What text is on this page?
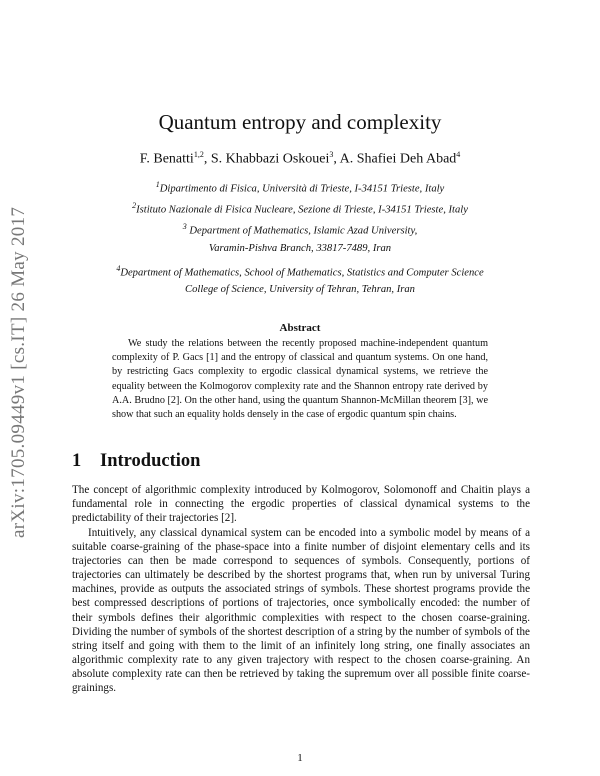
arXiv:1705.09449v1 [cs.IT] 26 May 2017
Quantum entropy and complexity
F. Benatti$^{1,2}$, S. Khabbazi Oskouei$^3$, A. Shafiei Deh Abad$^4$
$^1$Dipartimento di Fisica, Università di Trieste, I-34151 Trieste, Italy
$^2$Istituto Nazionale di Fisica Nucleare, Sezione di Trieste, I-34151 Trieste, Italy
$^3$ Department of Mathematics, Islamic Azad University,
Varamin-Pishva Branch, 33817-7489, Iran
$^4$Department of Mathematics, School of Mathematics, Statistics and Computer Science
College of Science, University of Tehran, Tehran, Iran
Abstract
We study the relations between the recently proposed machine-independent quantum complexity of P. Gacs [1] and the entropy of classical and quantum systems. On one hand, by restricting Gacs complexity to ergodic classical dynamical systems, we retrieve the equality between the Kolmogorov complexity rate and the Shannon entropy rate derived by A.A. Brudno [2]. On the other hand, using the quantum Shannon-McMillan theorem [3], we show that such an equality holds densely in the case of ergodic quantum spin chains.
1 Introduction
The concept of algorithmic complexity introduced by Kolmogorov, Solomonoff and Chaitin plays a fundamental role in connecting the ergodic properties of classical dynamical systems to the predictability of their trajectories [2].
Intuitively, any classical dynamical system can be encoded into a symbolic model by means of a suitable coarse-graining of the phase-space into a finite number of disjoint elementary cells and its trajectories can then be made correspond to sequences of symbols. Consequently, portions of trajectories can ultimately be described by the shortest programs that, when run by universal Turing machines, provide as outputs the associated strings of symbols. These shortest programs provide the best compressed descriptions of portions of trajectories, once symbolically encoded: the number of their symbols defines their algorithmic complexities with respect to the chosen coarse-graining. Dividing the number of symbols of the shortest description of a string by the number of symbols of the string itself and going with them to the limit of an infinitely long string, one finally associates an algorithmic complexity rate to any given trajectory with respect to the chosen coarse-graining. An absolute complexity rate can then be retrieved by taking the supremum over all possible finite coarse-grainings.
1
